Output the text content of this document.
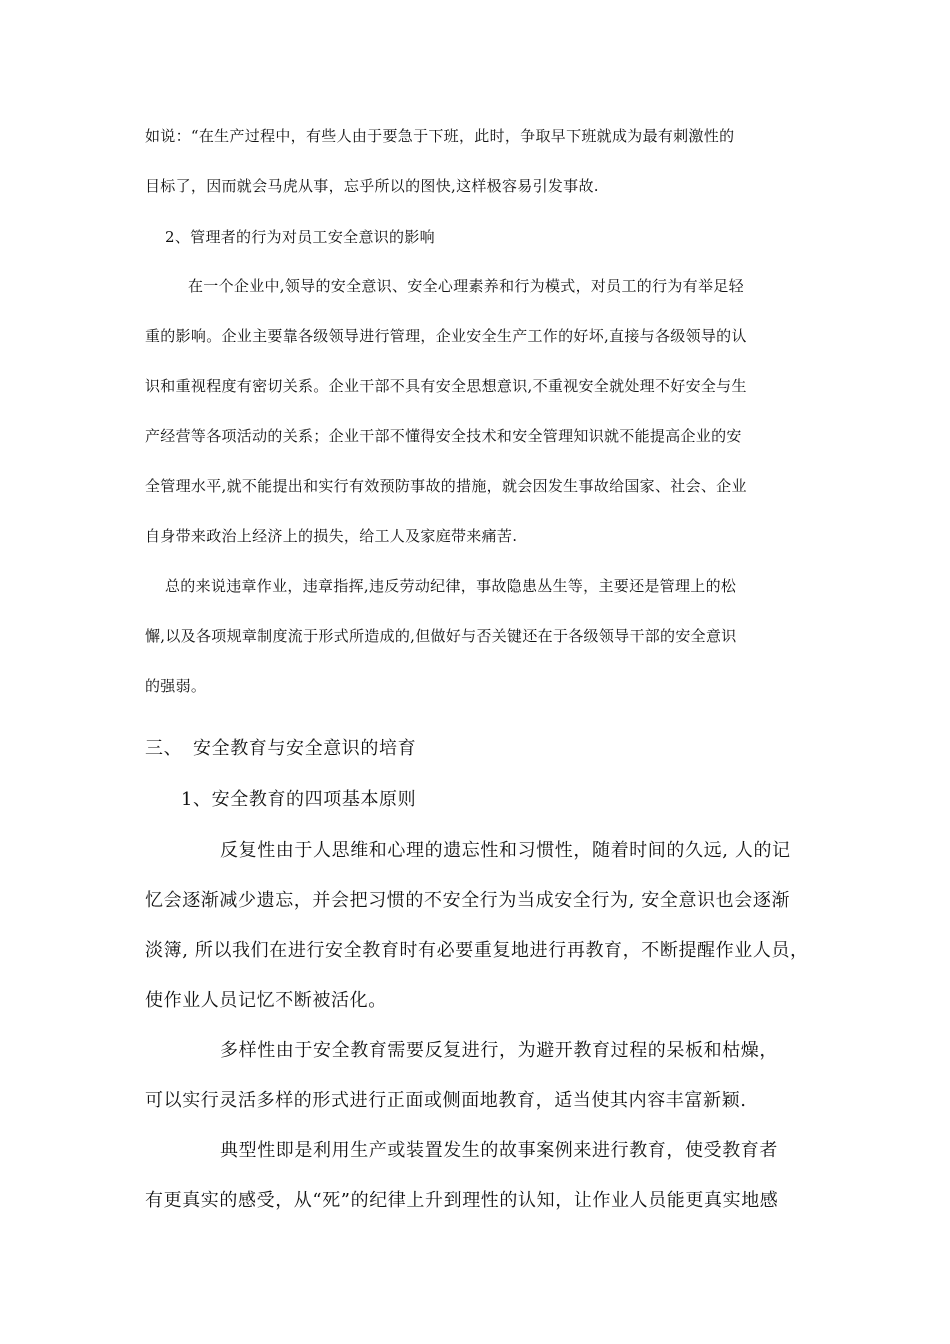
如说：“在生产过程中，有些人由于要急于下班，此时，争取早下班就成为最有刺激性的
目标了，因而就会马虎从事，忘乎所以的图快,这样极容易引发事故.
2、管理者的行为对员工安全意识的影响
在一个企业中,领导的安全意识、安全心理素养和行为模式，对员工的行为有举足轻
重的影响。企业主要靠各级领导进行管理，企业安全生产工作的好坏,直接与各级领导的认
识和重视程度有密切关系。企业干部不具有安全思想意识,不重视安全就处理不好安全与生
产经营等各项活动的关系；企业干部不懂得安全技术和安全管理知识就不能提高企业的安
全管理水平,就不能提出和实行有效预防事故的措施，就会因发生事故给国家、社会、企业
自身带来政治上经济上的损失，给工人及家庭带来痛苦.
总的来说违章作业，违章指挥,违反劳动纪律，事故隐患丛生等，主要还是管理上的松
懈,以及各项规章制度流于形式所造成的,但做好与否关键还在于各级领导干部的安全意识
的强弱。
三、 安全教育与安全意识的培育
1、安全教育的四项基本原则
反复性由于人思维和心理的遗忘性和习惯性，随着时间的久远, 人的记
忆会逐渐减少遗忘，并会把习惯的不安全行为当成安全行为, 安全意识也会逐渐
淡簿, 所以我们在进行安全教育时有必要重复地进行再教育，不断提醒作业人员，
使作业人员记忆不断被活化。
多样性由于安全教育需要反复进行，为避开教育过程的呆板和枯燥，
可以实行灵活多样的形式进行正面或侧面地教育，适当使其内容丰富新颖.
典型性即是利用生产或装置发生的故事案例来进行教育，使受教育者
有更真实的感受，从“死”的纪律上升到理性的认知，让作业人员能更真实地感
